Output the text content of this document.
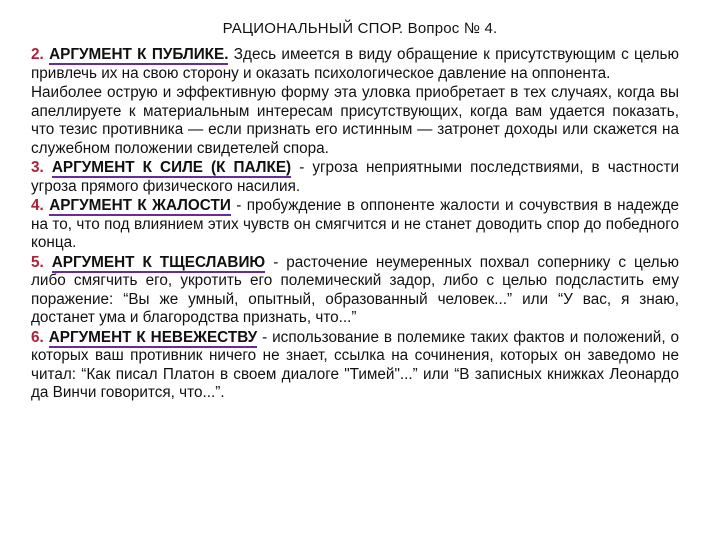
РАЦИОНАЛЬНЫЙ СПОР. Вопрос № 4.

2. АРГУМЕНТ К ПУБЛИКЕ. Здесь имеется в виду обращение к присутствующим с целью привлечь их на свою сторону и оказать психологическое давление на оппонента.

Наиболее острую и эффективную форму эта уловка приобретает в тех случаях, когда вы апеллируете к материальным интересам присутствующих, когда вам удается показать, что тезис противника — если признать его истинным — затронет доходы или скажется на служебном положении свидетелей спора.

3. АРГУМЕНТ К СИЛЕ (К ПАЛКЕ) - угроза неприятными последствиями, в частности угроза прямого физического насилия.

4. АРГУМЕНТ К ЖАЛОСТИ - пробуждение в оппоненте жалости и сочувствия в надежде на то, что под влиянием этих чувств он смягчится и не станет доводить спор до победного конца.

5. АРГУМЕНТ К ТЩЕСЛАВИЮ - расточение неумеренных похвал сопернику с целью либо смягчить его, укротить его полемический задор, либо с целью подсластить ему поражение: “Вы же умный, опытный, образованный человек...” или “У вас, я знаю, достанет ума и благородства признать, что...”

6. АРГУМЕНТ К НЕВЕЖЕСТВУ - использование в полемике таких фактов и положений, о которых ваш противник ничего не знает, ссылка на сочинения, которых он заведомо не читал: “Как писал Платон в своем диалоге "Тимей"...” или “В записных книжках Леонардо да Винчи говорится, что...”.
